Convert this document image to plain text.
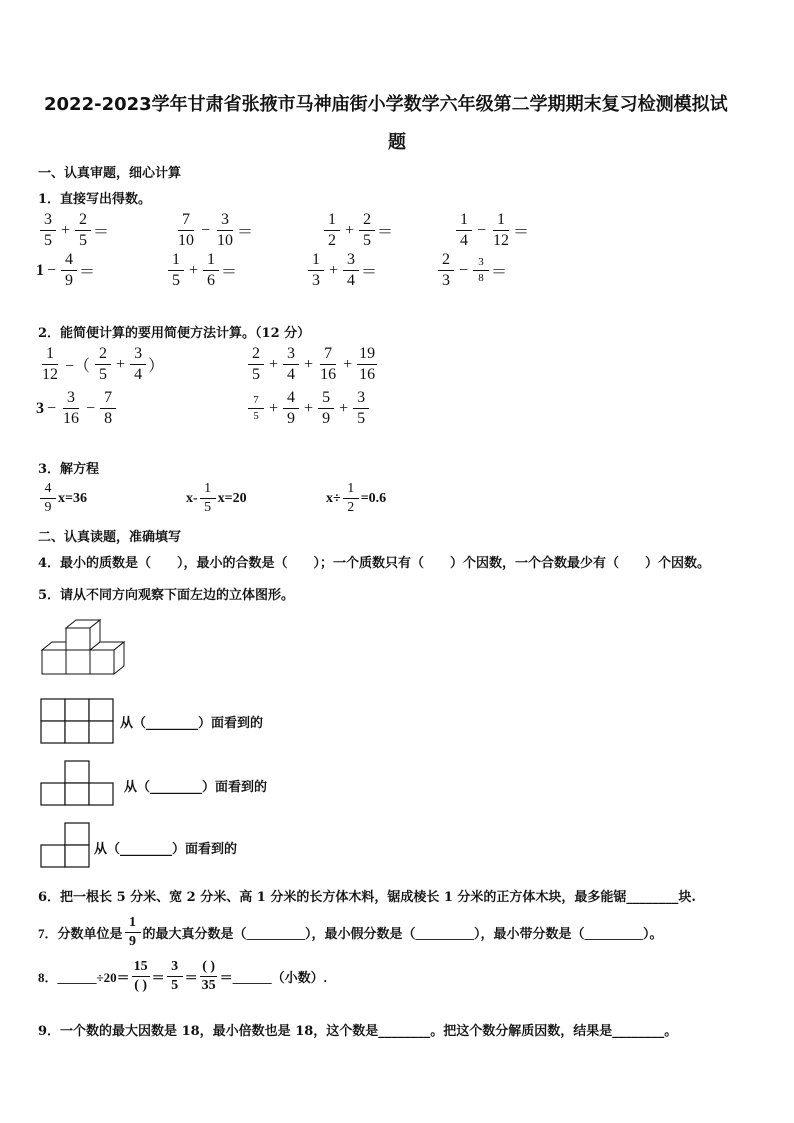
2022-2023学年甘肃省张掖市马神庙街小学数学六年级第二学期期末复习检测模拟试
题
一、认真审题，细心计算
1．直接写出得数。
$\frac{3}{5} + \frac{2}{5}$ ＝	$\frac{7}{10} - \frac{3}{10}$ ＝	$\frac{1}{2} + \frac{2}{5}$ ＝	$\frac{1}{4} - \frac{1}{12}$ ＝
$1 - \frac{4}{9}$ ＝	$\frac{1}{5} + \frac{1}{6}$ ＝	$\frac{1}{3} + \frac{3}{4}$ ＝	$\frac{2}{3} - \frac{3}{8}$ ＝
2．能简便计算的要用简便方法计算。（12 分）
$\frac{1}{12}$ −（ $\frac{2}{5} + \frac{3}{4}$ ）	$\frac{2}{5} + \frac{3}{4} + \frac{7}{16} + \frac{19}{16}$
$3 - \frac{3}{16} - \frac{7}{8}$	$\frac{7}{5} + \frac{4}{9} + \frac{5}{9} + \frac{3}{5}$
3．解方程
$\frac{4}{9} x=36$	$x- \frac{1}{5} x=20$	$x\div \frac{1}{2} =0.6$
二、认真读题，准确填写
4．最小的质数是（　　），最小的合数是（　　）；一个质数只有（　　）个因数，一个合数最少有（　　）个因数。
5．请从不同方向观察下面左边的立体图形。
从（________）面看到的
从（________）面看到的
从（________）面看到的
6．把一根长 5 分米、宽 2 分米、高 1 分米的长方体木料，锯成棱长 1 分米的正方体木块，最多能锯________块.
7．分数单位是 $\frac{1}{9}$ 的最大真分数是（_________），最小假分数是（_________），最小带分数是（_________）。
8．______÷20＝ $\frac{15}{( )} = \frac{3}{5} = \frac{( )}{35}$ ＝______（小数）.
9．一个数的最大因数是 18，最小倍数也是 18，这个数是________。把这个数分解质因数，结果是________。
